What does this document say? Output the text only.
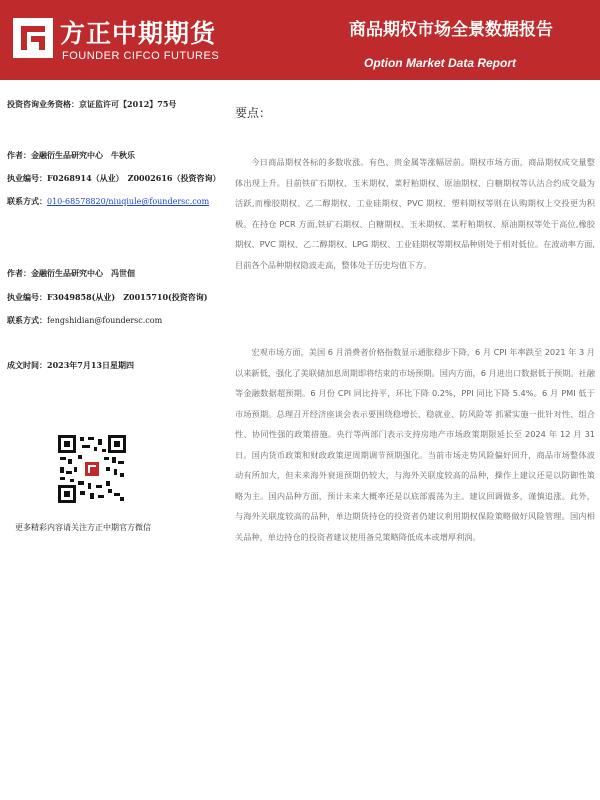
方正中期期货
FOUNDER CIFCO FUTURES
商品期权市场全景数据报告
Option Market Data Report
投资咨询业务资格：京证监许可【2012】75号
作者：金融衍生品研究中心　牛秋乐
执业编号：F0268914（从业）　Z0002616（投资咨询）
联系方式：010-68578820/niuqiule@foundersc.com
作者：金融衍生品研究中心　冯世佃
执业编号：F3049858(从业)　Z0015710(投资咨询)
联系方式：fengshidian@foundersc.com
成文时间：2023年7月13日星期四
更多精彩内容请关注方正中期官方微信
要点：

今日商品期权各标的多数收涨。有色、贵金属等涨幅居前。期权市场方面，商品期权成交量整体出现上升。目前铁矿石期权、玉米期权、菜籽粕期权、原油期权、白糖期权等认沽合约成交最为活跃,而橡胶期权、乙二醇期权、工业硅期权、PVC 期权、塑料期权等则在认购期权上交投更为积极。在持仓 PCR 方面,铁矿石期权、白糖期权、玉米期权、菜籽粕期权、原油期权等处于高位,橡胶期权、PVC 期权、乙二醇期权、LPG 期权、工业硅期权等期权品种则处于相对低位。在波动率方面,目前各个品种期权隐波走高，整体处于历史均值下方。

宏观市场方面，美国 6 月消费者价格指数显示通胀稳步下降，6 月 CPI 年率跌至 2021 年 3 月以来新低，强化了美联储加息周期即将结束的市场预期。国内方面，6 月进出口数据低于预期。社融等金融数据超预期。6 月份 CPI 同比持平，环比下降 0.2%，PPI 同比下降 5.4%。6 月 PMI 低于市场预期。总理召开经济座谈会表示要围绕稳增长、稳就业、防风险等 抓紧实施一批针对性、组合性、协同性强的政策措施。央行等两部门表示支持房地产市场政策期限延长至 2024 年 12 月 31 日。国内货币政策和财政政策逆周期调节预期强化。当前市场走势风险偏好回升，商品市场整体波动有所加大，但未来海外衰退预期仍较大，与海外关联度较高的品种，操作上建议还是以防御性策略为主。国内品种方面，预计未来大概率还是以底部震荡为主。建议回调做多，谨慎追涨。此外，与海外关联度较高的品种，单边期货持仓的投资者仍建议利用期权保险策略做好风险管理。国内相关品种，单边持仓的投资者建议使用备兑策略降低成本或增厚利润。
